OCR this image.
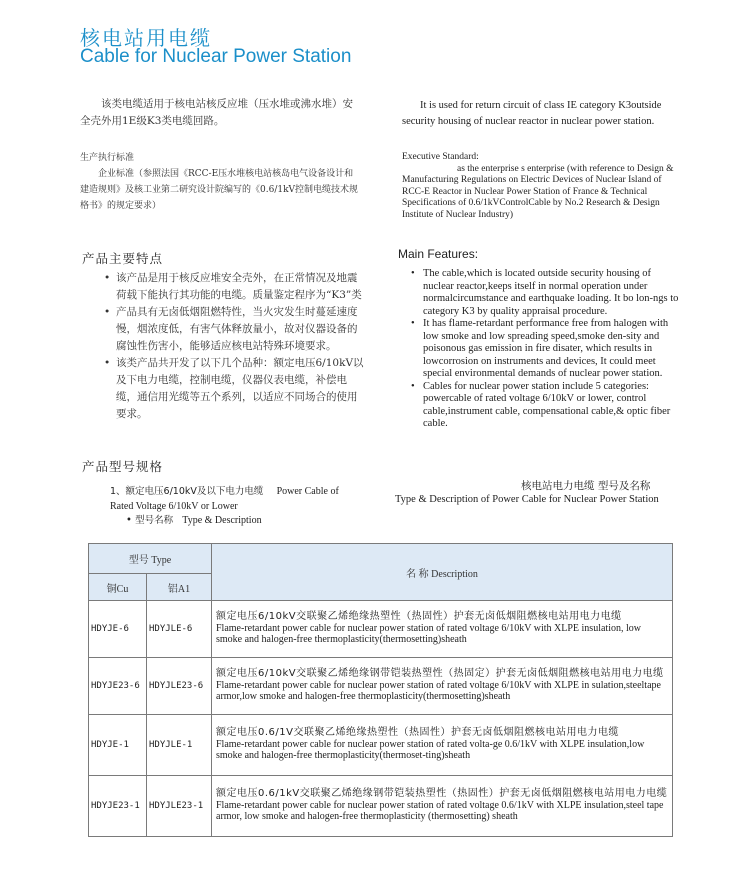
核电站用电缆
Cable for Nuclear Power Station
该类电缆适用于核电站核反应堆（压水堆或沸水堆）安全壳外用1E级K3类电缆回路。
It is used for return circuit of class IE category K3outside security housing of nuclear reactor in nuclear power station.
生产执行标准
企业标准（参照法国《RCC-E压水堆核电站核岛电气设备设计和建造规则》及核工业第二研究设计院编写的《0.6/1kV控制电缆技术规格书》的规定要求）
Executive Standard:
as the enterprise s enterprise (with reference to Design &
Manufacturing Regulations on Electric Devices of Nuclear Island of RCC-E Reactor in Nuclear Power Station of France & Technical Specifications of 0.6/1kVControlCable by No.2 Research & Design Institute of Nuclear Industry)
产品主要特点	Main Features:
• 该产品是用于核反应堆安全壳外，在正常情况及地震荷载下能执行其功能的电缆。质量鉴定程序为“K3”类
• 产品具有无卤低烟阻燃特性，当火灾发生时蔓延速度慢，烟浓度低，有害气体释放量小，故对仪器设备的腐蚀性伤害小，能够适应核电站特殊环境要求。
• 该类产品共开发了以下几个品种：额定电压6/10kV以及下电力电缆，控制电缆，仪器仪表电缆，补偿电缆，通信用光缆等五个系列，以适应不同场合的使用要求。
• The cable,which is located outside security housing of nuclear reactor,keeps itself in normal operation under normalcircumstance and earthquake loading. It bo lon-ngs to category K3 by quality appraisal procedure.
• It has flame-retardant performance free from halogen with low smoke and low spreading speed,smoke den-sity and poisonous gas emission in fire disater, which results in lowcorrosion on instruments and devices, It could meet special environmental demands of nuclear power station.
• Cables for nuclear power station include 5 categories: powercable of rated voltage 6/10kV or lower, control cable,instrument cable, compensational cable,& optic fiber cable.
产品型号规格
1、额定电压6/10kV及以下电力电缆 Power Cable of Rated Voltage 6/10kV or Lower
• 型号名称 Type & Description
核电站电力电缆 型号及名称
Type & Description of Power Cable for Nuclear Power Station
型号 Type		名 称 Description
铜Cu	铝A1	
HDYJE-6	HDYJLE-6	额定电压6/10kV交联聚乙烯绝缘热塑性（热固性）护套无卤低烟阻燃核电站用电力电缆
Flame-retardant power cable for nuclear power station of rated voltage 6/10kV with XLPE insulation, low smoke and halogen-free thermoplasticity(thermosetting)sheath

HDYJE23-6	HDYJLE23-6	额定电压6/10kV交联聚乙烯绝缘钢带铠装热塑性（热固定）护套无卤低烟阻燃核电站用电力电缆
Flame-retardant power cable for nuclear power station of rated voltage 6/10kV with XLPE in sulation,steeltape armor,low smoke and halogen-free thermoplasticity(thermosetting)sheath

HDYJE-1	HDYJLE-1	额定电压0.6/1V交联聚乙烯绝缘热塑性（热固性）护套无卤低烟阻燃核电站用电力电缆
Flame-retardant power cable for nuclear power station of rated volta-ge 0.6/1kV with XLPE insulation,low smoke and halogen-free thermoplasticity(thermoset-ting)sheath

HDYJE23-1	HDYJLE23-1	额定电压0.6/1kV交联聚乙烯绝缘钢带铠装热塑性（热固性）护套无卤低烟阻燃核电站用电力电缆
Flame-retardant power cable for nuclear power station of rated voltage 0.6/1kV with XLPE insulation,steel tape armor, low smoke and halogen-free thermoplasticity (thermosetting) sheath
